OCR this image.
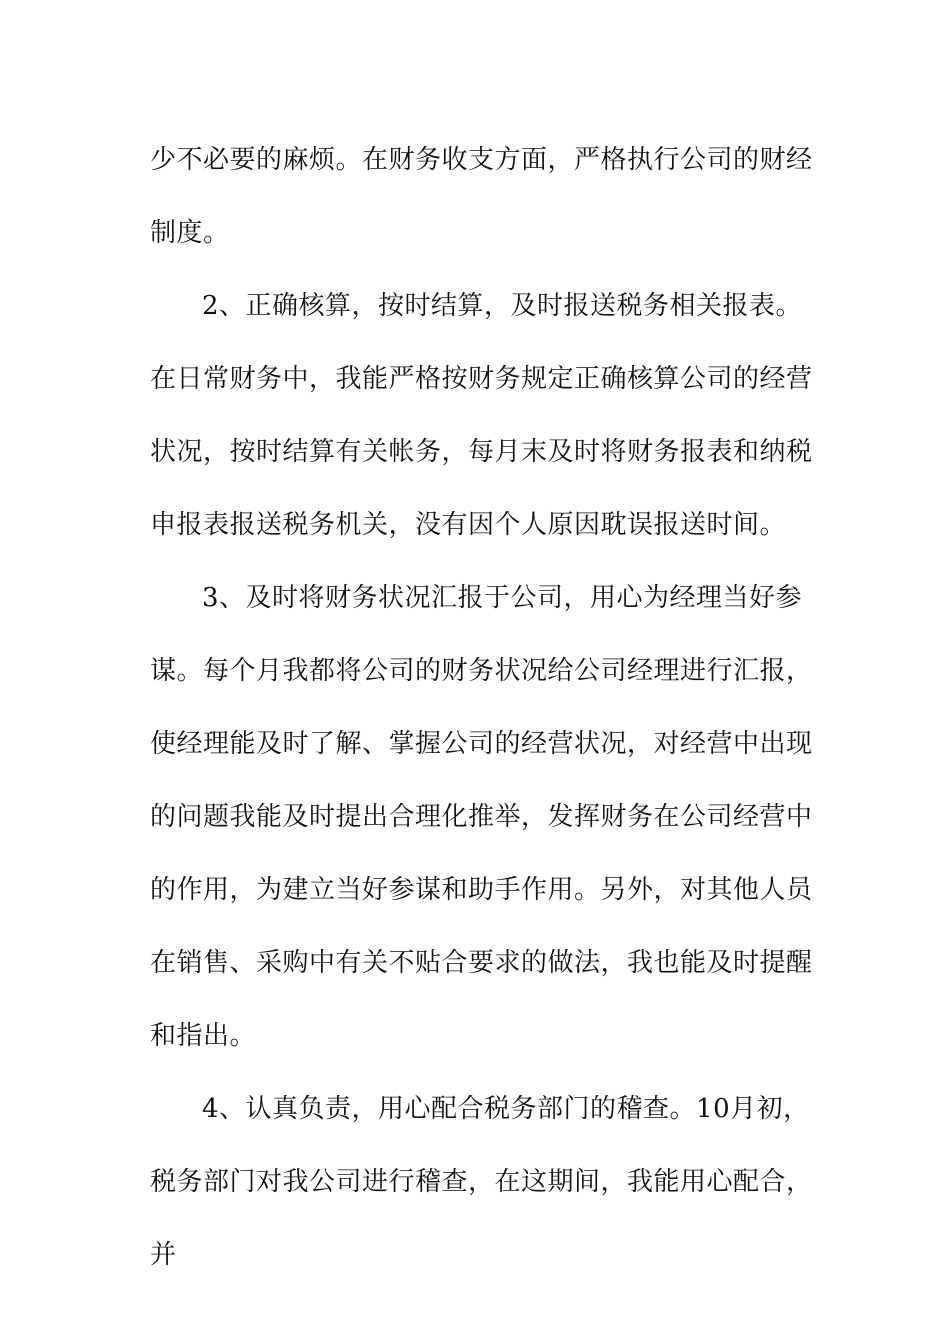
少不必要的麻烦。在财务收支方面，严格执行公司的财经制度。

2、正确核算，按时结算，及时报送税务相关报表。在日常财务中，我能严格按财务规定正确核算公司的经营状况，按时结算有关帐务，每月末及时将财务报表和纳税申报表报送税务机关，没有因个人原因耽误报送时间。

3、及时将财务状况汇报于公司，用心为经理当好参谋。每个月我都将公司的财务状况给公司经理进行汇报，使经理能及时了解、掌握公司的经营状况，对经营中出现的问题我能及时提出合理化推举，发挥财务在公司经营中的作用，为建立当好参谋和助手作用。另外，对其他人员在销售、采购中有关不贴合要求的做法，我也能及时提醒和指出。

4、认真负责，用心配合税务部门的稽查。10月初，税务部门对我公司进行稽查，在这期间，我能用心配合，并
